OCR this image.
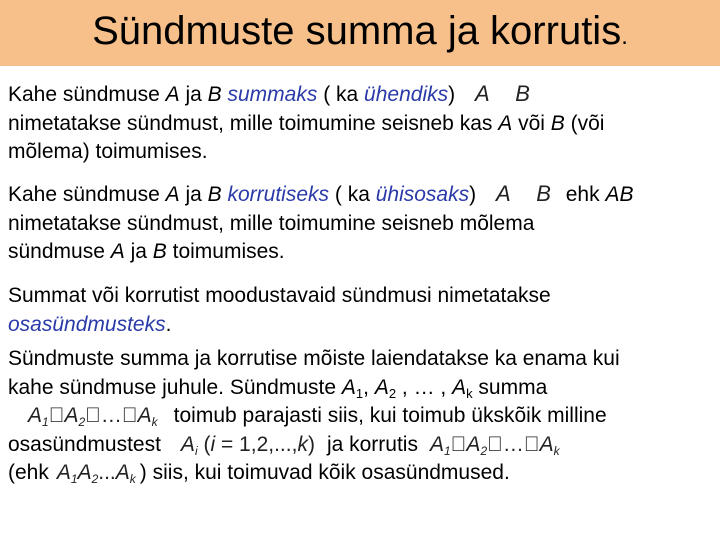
Sündmuste summa ja korrutis.
Kahe sündmuse A ja B summaks ( ka ühendiks) A  B
nimetatakse sündmust, mille toimumine seisneb kas A või B (või
mõlema) toimumises.
Kahe sündmuse A ja B korrutiseks ( ka ühisosaks) A  B ehk AB
nimetatakse sündmust, mille toimumine seisneb mõlema
sündmuse A ja B toimumises.
Summat või korrutist moodustavaid sündmusi nimetatakse
osasündmusteks.
Sündmuste summa ja korrutise mõiste laiendatakse ka enama kui
kahe sündmuse juhule. Sündmuste $A_1$, $A_2$ , … , $A_k$ summa
$A_1 A_2 \dots A_k$ toimub parajasti siis, kui toimub ükskõik milline
osasündmustest $A_i$ (i = 1,2,...,k) ja korrutis $A_1 A_2 \dots A_k$
(ehk $A_1A_2...A_k$ ) siis, kui toimuvad kõik osasündmused.
